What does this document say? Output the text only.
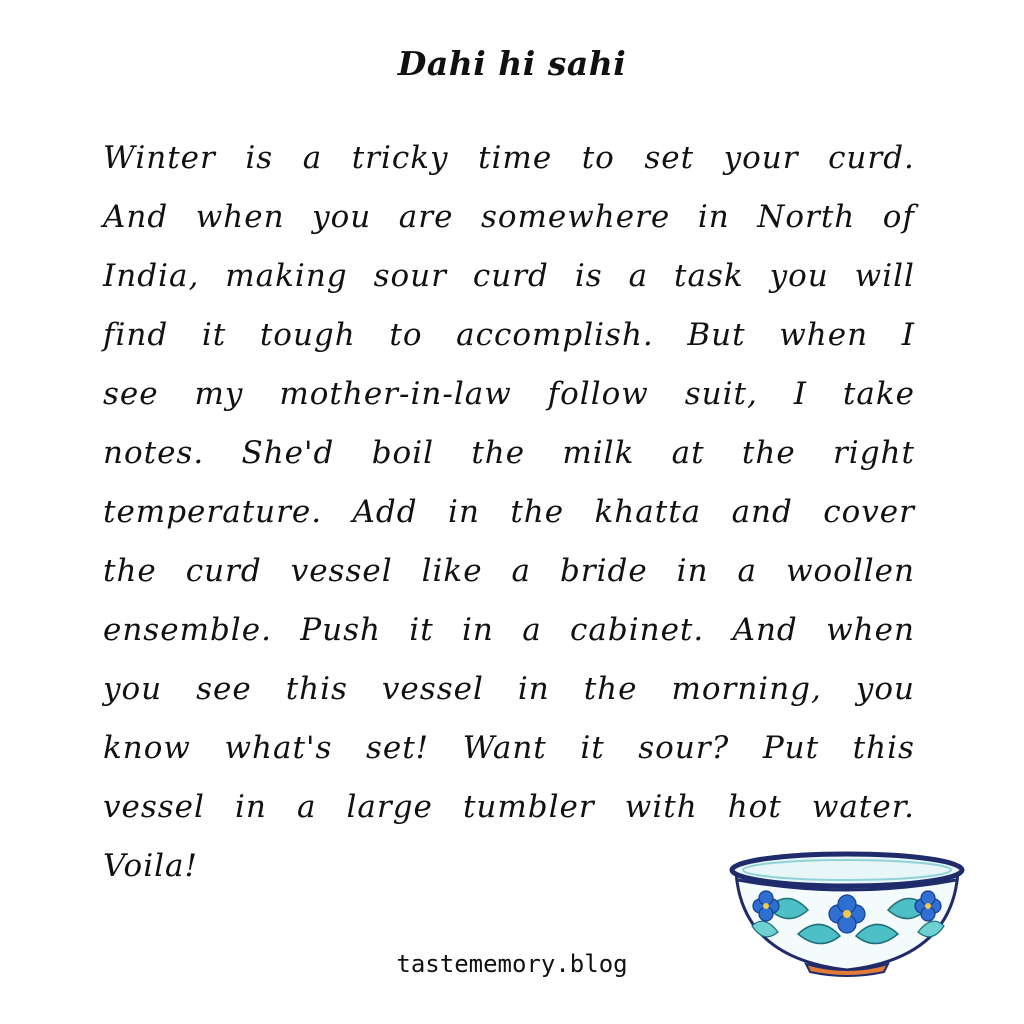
Dahi hi sahi
Winter is a tricky time to set your curd.
And when you are somewhere in North of
India, making sour curd is a task you will
find it tough to accomplish. But when I
see my mother-in-law follow suit, I take
notes. She'd boil the milk at the right
temperature. Add in the khatta and cover
the curd vessel like a bride in a woollen
ensemble. Push it in a cabinet. And when
you see this vessel in the morning, you
know what's set! Want it sour? Put this
vessel in a large tumbler with hot water.
Voila!
tastememory.blog
